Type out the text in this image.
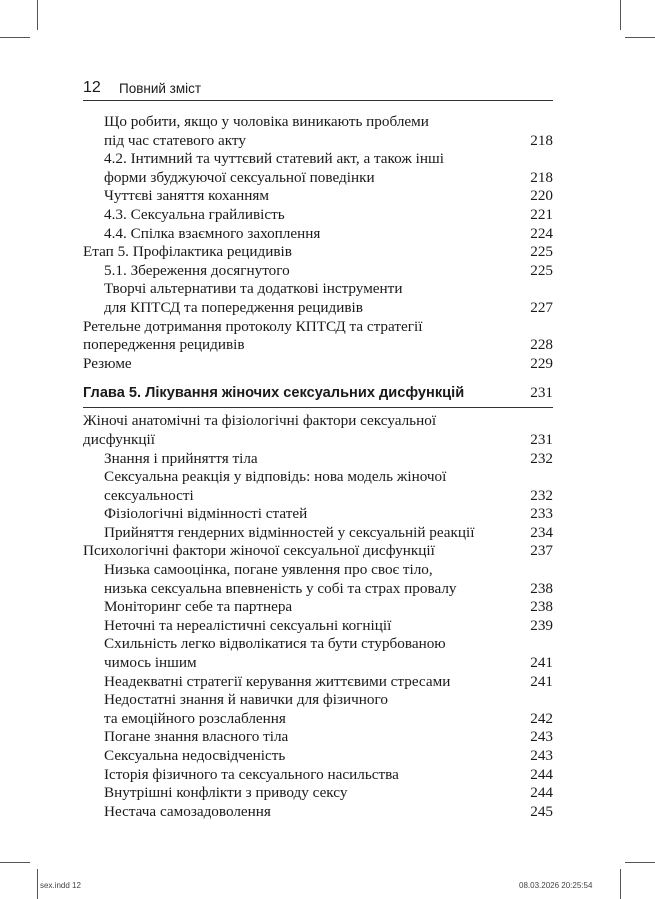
12 Повний зміст
Що робити, якщо у чоловіка виникають проблеми
під час статевого акту	218
4.2. Інтимний та чуттєвий статевий акт, а також інші
форми збуджуючої сексуальної поведінки	218
Чуттєві заняття коханням	220
4.3. Сексуальна грайливість	221
4.4. Спілка взаємного захоплення	224
Етап 5. Профілактика рецидивів	225
5.1. Збереження досягнутого	225
Творчі альтернативи та додаткові інструменти
для КПТСД та попередження рецидивів	227
Ретельне дотримання протоколу КПТСД та стратегії
попередження рецидивів	228
Резюме	229
Глава 5. Лікування жіночих сексуальних дисфункцій	231
Жіночі анатомічні та фізіологічні фактори сексуальної
дисфункції	231
Знання і прийняття тіла	232
Сексуальна реакція у відповідь: нова модель жіночої
сексуальності	232
Фізіологічні відмінності статей	233
Прийняття гендерних відмінностей у сексуальній реакції	234
Психологічні фактори жіночої сексуальної дисфункції	237
Низька самооцінка, погане уявлення про своє тіло,
низька сексуальна впевненість у собі та страх провалу	238
Моніторинг себе та партнера	238
Неточні та нереалістичні сексуальні когніції	239
Схильність легко відволікатися та бути стурбованою
чимось іншим	241
Неадекватні стратегії керування життєвими стресами	241
Недостатні знання й навички для фізичного
та емоційного розслаблення	242
Погане знання власного тіла	243
Сексуальна недосвідченість	243
Історія фізичного та сексуального насильства	244
Внутрішні конфлікти з приводу сексу	244
Нестача самозадоволення	245
sex.indd 12	08.03.2026 20:25:54
